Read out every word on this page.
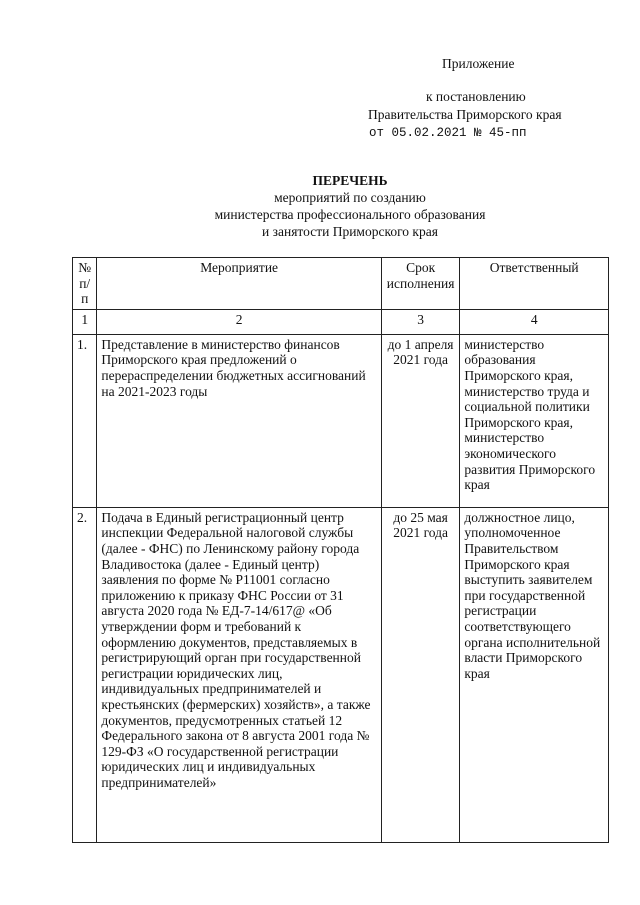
Приложение
к постановлению
Правительства Приморского края
от 05.02.2021 № 45-пп
ПЕРЕЧЕНЬ
мероприятий по созданию
министерства профессионального образования
и занятости Приморского края
№ п/п	Мероприятие	Срок исполнения	Ответственный
1	2	3	4
1.	Представление в министерство финансов Приморского края предложений о перераспределении бюджетных ассигнований на 2021-2023 годы	до 1 апреля 2021 года	министерство образования Приморского края, министерство труда и социальной политики Приморского края, министерство экономического развития Приморского края
2.	Подача в Единый регистрационный центр инспекции Федеральной налоговой службы (далее - ФНС) по Ленинскому району города Владивостока (далее - Единый центр) заявления по форме № Р11001 согласно приложению к приказу ФНС России от 31 августа 2020 года № ЕД-7-14/617@ «Об утверждении форм и требований к оформлению документов, представляемых в регистрирующий орган при государственной регистрации юридических лиц, индивидуальных предпринимателей и крестьянских (фермерских) хозяйств», а также документов, предусмотренных статьей 12 Федерального закона от 8 августа 2001 года № 129-ФЗ «О государственной регистрации юридических лиц и индивидуальных предпринимателей»	до 25 мая 2021 года	должностное лицо, уполномоченное Правительством Приморского края выступить заявителем при государственной регистрации соответствующего органа исполнительной власти Приморского края
